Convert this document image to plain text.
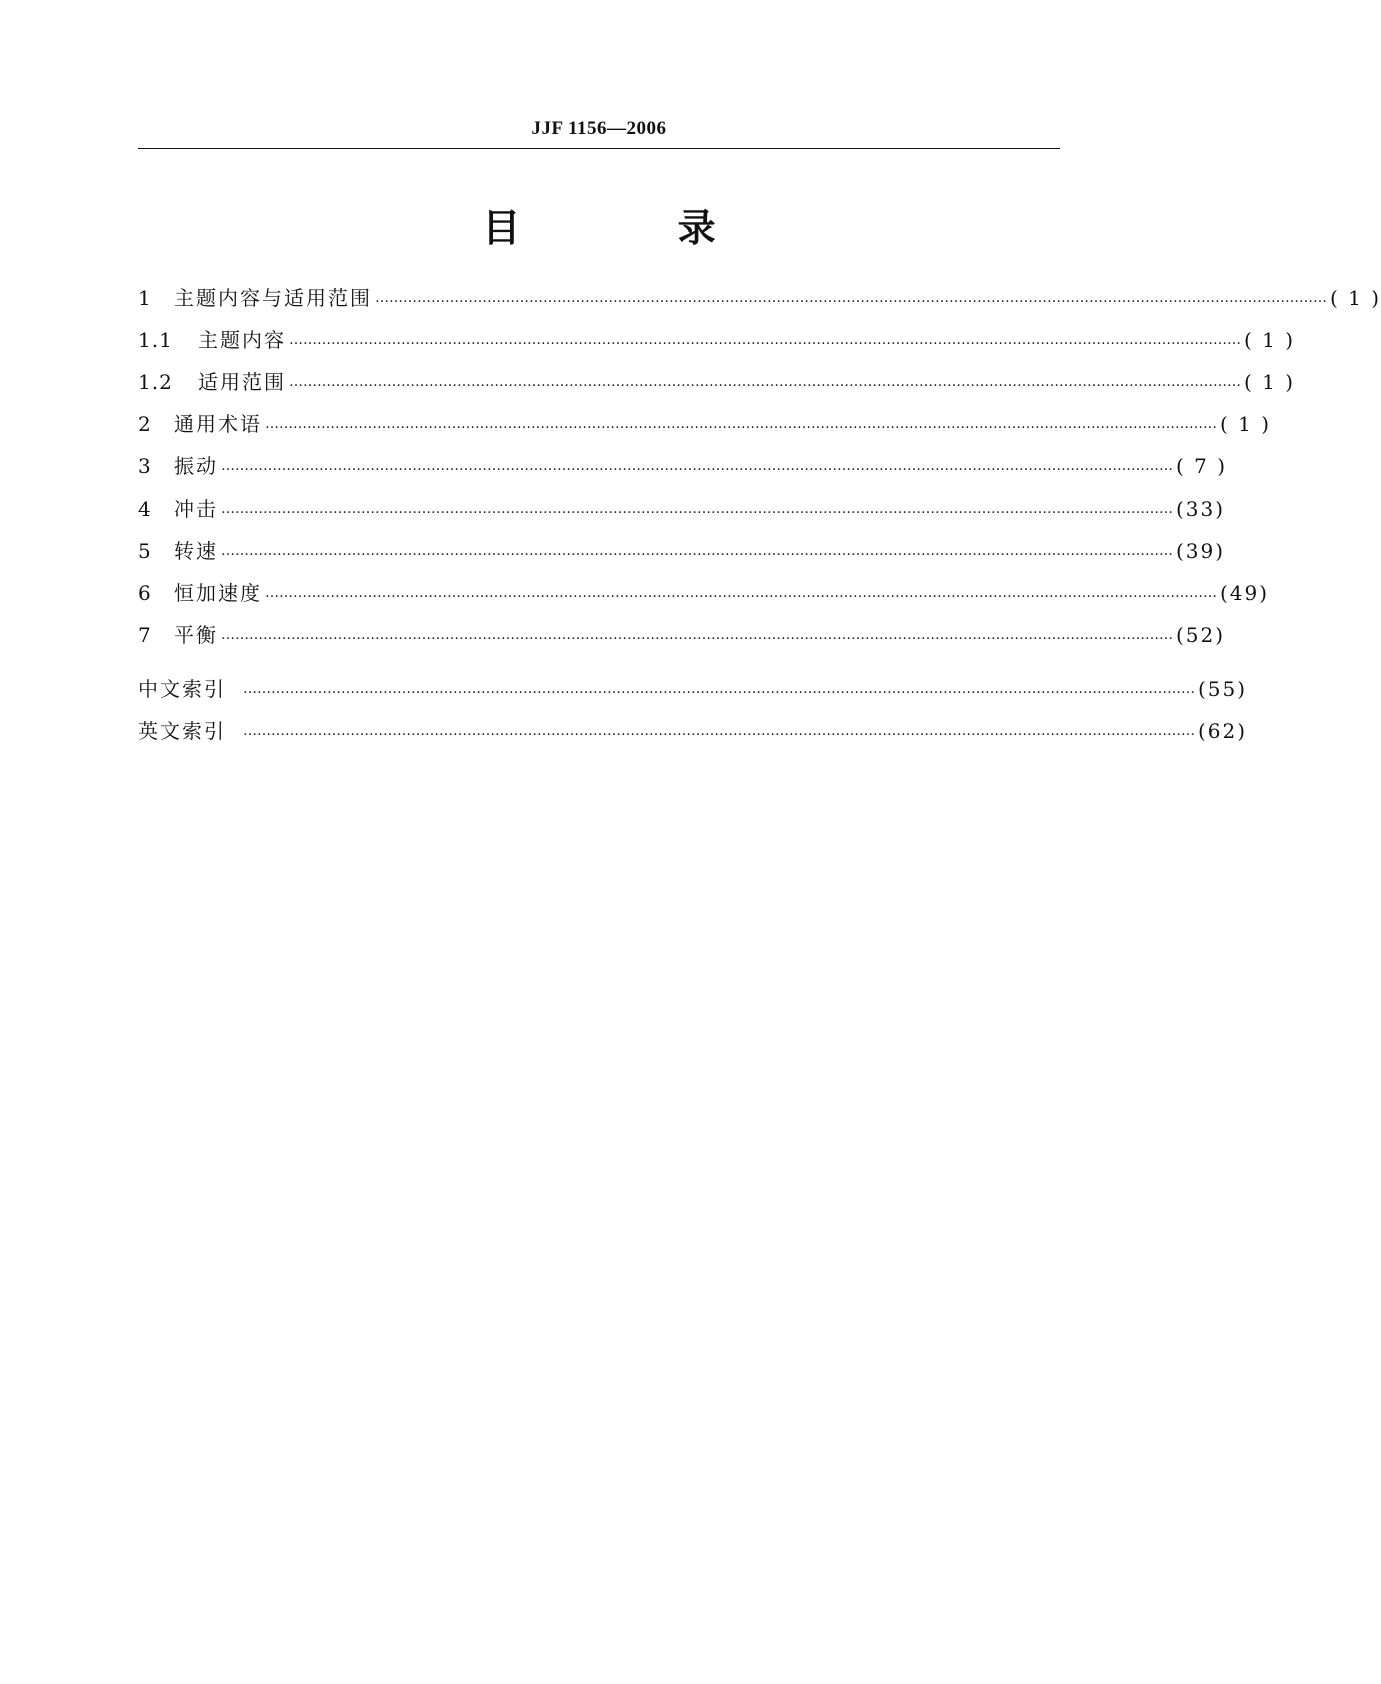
JJF 1156—2006
目 录
1	主题内容与适用范围 …………………………………………………………………………………………………………………………………………………………………………………… ( 1 )
1.1	主题内容 …………………………………………………………………………………………………………………………………………………………………………………… ( 1 )
1.2	适用范围 …………………………………………………………………………………………………………………………………………………………………………………… ( 1 )
2	通用术语 …………………………………………………………………………………………………………………………………………………………………………………… ( 1 )
3	振动 …………………………………………………………………………………………………………………………………………………………………………………… ( 7 )
4	冲击 …………………………………………………………………………………………………………………………………………………………………………………… (33)
5	转速 …………………………………………………………………………………………………………………………………………………………………………………… (39)
6	恒加速度 …………………………………………………………………………………………………………………………………………………………………………………… (49)
7	平衡 …………………………………………………………………………………………………………………………………………………………………………………… (52)
中文索引 …………………………………………………………………………………………………………………………………………………………………………………… (55)
英文索引 …………………………………………………………………………………………………………………………………………………………………………………… (62)
